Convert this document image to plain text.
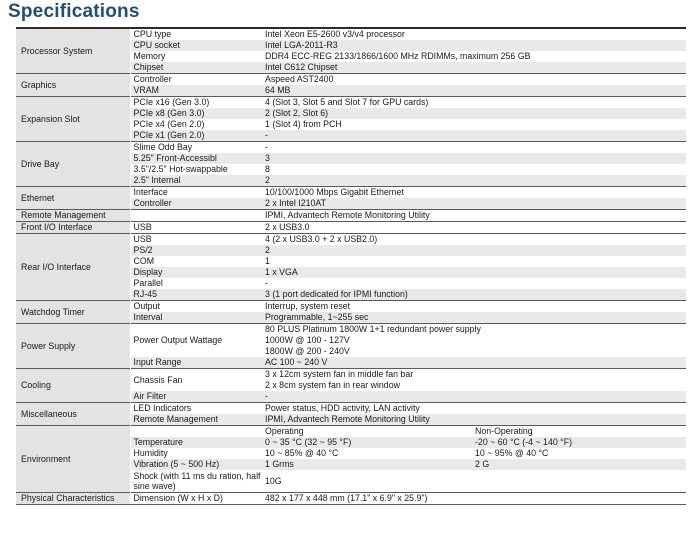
Specifications
Processor System	CPU type	Intel Xeon E5-2600 v3/v4 processor	
	CPU socket	Intel LGA-2011-R3	
	Memory	DDR4 ECC-REG 2133/1866/1600 MHz RDIMMs, maximum 256 GB	
	Chipset	Intel C612 Chipset	
Graphics	Controller	Aspeed AST2400	
	VRAM	64 MB	
Expansion Slot	PCIe x16 (Gen 3.0)	4 (Slot 3, Slot 5 and Slot 7 for GPU cards)	
	PCIe x8 (Gen 3.0)	2 (Slot 2, Slot 6)	
	PCIe x4 (Gen 2.0)	1 (Slot 4) from PCH	
	PCIe x1 (Gen 2.0)	-	
Drive Bay	Slime Odd Bay	-	
	5.25" Front-Accessibl	3	
	3.5"/2.5" Hot-swappable	8	
	2.5" Internal	2	
Ethernet	Interface	10/100/1000 Mbps Gigabit Ethernet	
	Controller	2 x Intel I210AT	
Remote Management		IPMI, Advantech Remote Monitoring Utility	
Front I/O Interface	USB	2 x USB3.0	
Rear I/O Interface	USB	4 (2 x USB3.0 + 2 x USB2.0)	
	PS/2	2	
	COM	1	
	Display	1 x VGA	
	Parallel	-	
	RJ-45	3 (1 port dedicated for IPMI function)	
Watchdog Timer	Output	Interrup, system reset	
	Interval	Programmable, 1~255 sec	
Power Supply	Power Output Wattage	80 PLUS Platinum 1800W 1+1 redundant power supply	
		1000W @ 100 - 127V	
		1800W @ 200 - 240V	
	Input Range	AC 100 ~ 240 V	
Cooling	Chassis Fan	3 x 12cm system fan in middle fan bar	
		2 x 8cm system fan in rear window	
	Air Filter	-	
Miscellaneous	LED Indicators	Power status, HDD activity, LAN activity	
	Remote Management	IPMI, Advantech Remote Monitoring Utility	
Environment		Operating	Non-Operating
	Temperature	0 ~ 35 °C (32 ~ 95 °F)	-20 ~ 60 °C (-4 ~ 140 °F)
	Humidity	10 ~ 85% @ 40 °C	10 ~ 95% @ 40 °C
	Vibration (5 ~ 500 Hz)	1 Grms	2 G
	Shock (with 11 ms du ration, half sine wave)	10G	
Physical Characteristics	Dimension (W x H x D)	482 x 177 x 448 mm (17.1" x 6.9" x 25.9")	
